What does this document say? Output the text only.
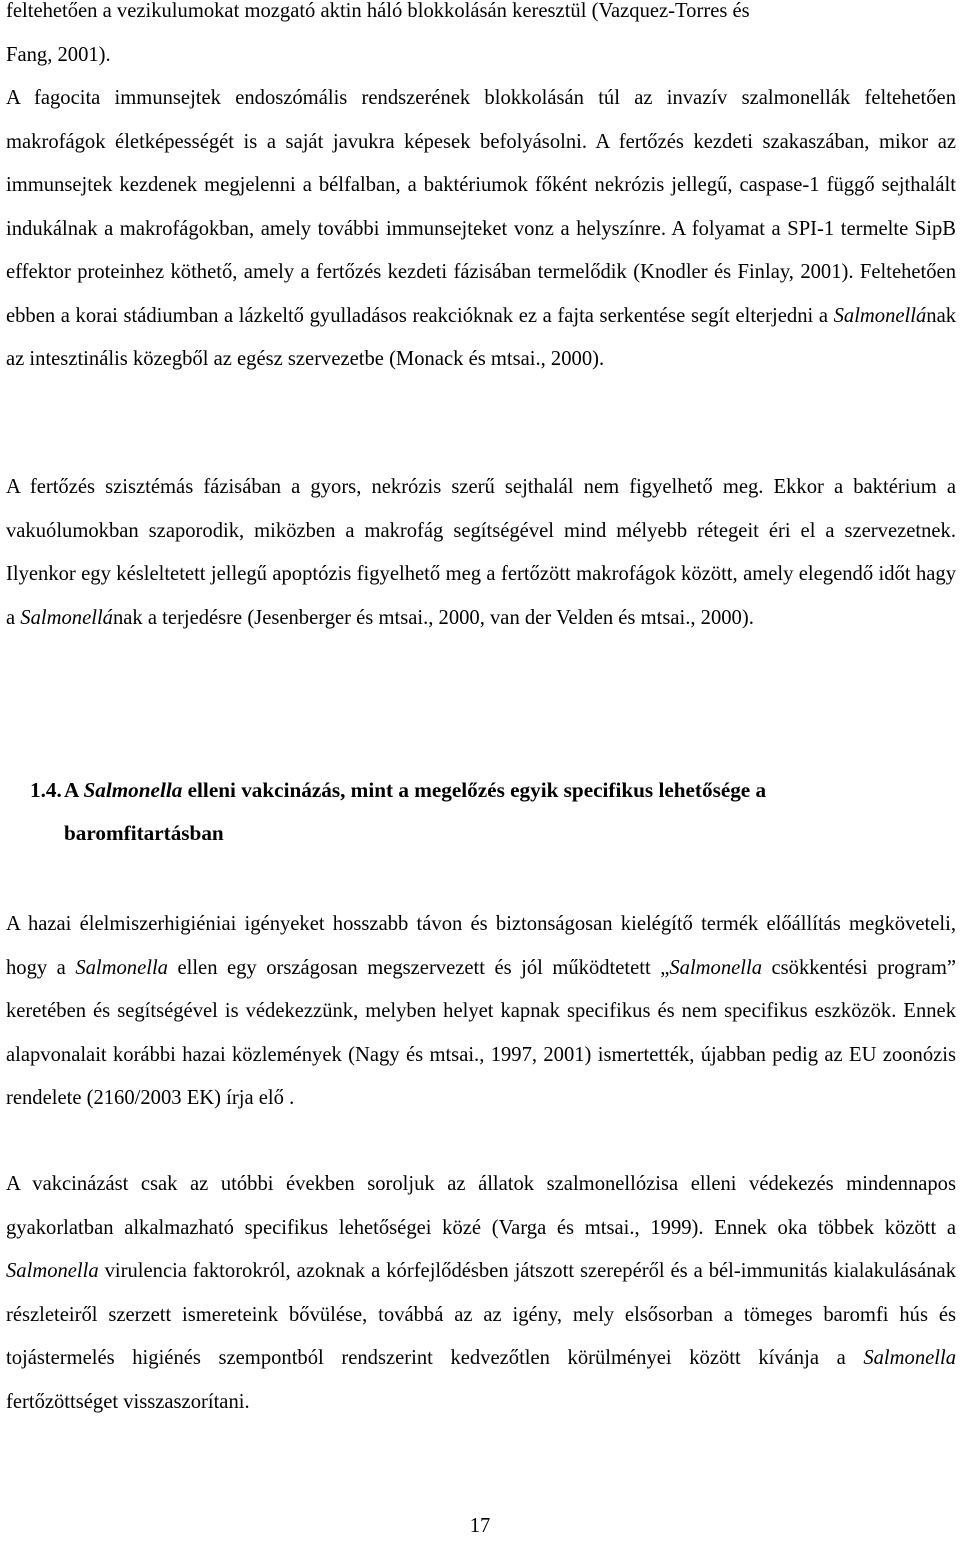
feltehetően a vezikulumokat mozgató aktin háló blokkolásán keresztül (Vazquez-Torres és
Fang, 2001).

A fagocita immunsejtek endoszómális rendszerének blokkolásán túl az invazív szalmonellák feltehetően makrofágok életképességét is a saját javukra képesek befolyásolni. A fertőzés kezdeti szakaszában, mikor az immunsejtek kezdenek megjelenni a bélfalban, a baktériumok főként nekrózis jellegű, caspase-1 függő sejthalált indukálnak a makrofágokban, amely további immunsejteket vonz a helyszínre. A folyamat a SPI-1 termelte SipB effektor proteinhez köthető, amely a fertőzés kezdeti fázisában termelődik (Knodler és Finlay, 2001). Feltehetően ebben a korai stádiumban a lázkeltő gyulladásos reakcióknak ez a fajta serkentése segít elterjedni a Salmonellának az intesztinális közegből az egész szervezetbe (Monack és mtsai., 2000).

A fertőzés szisztémás fázisában a gyors, nekrózis szerű sejthalál nem figyelhető meg. Ekkor a baktérium a vakuólumokban szaporodik, miközben a makrofág segítségével mind mélyebb rétegeit éri el a szervezetnek. Ilyenkor egy késleltetett jellegű apoptózis figyelhető meg a fertőzött makrofágok között, amely elegendő időt hagy a Salmonellának a terjedésre (Jesenberger és mtsai., 2000, van der Velden és mtsai., 2000).

1.4. A Salmonella elleni vakcinázás, mint a megelőzés egyik specifikus lehetősége a
baromfitartásban

A hazai élelmiszerhigiéniai igényeket hosszabb távon és biztonságosan kielégítő termék előállítás megköveteli, hogy a Salmonella ellen egy országosan megszervezett és jól működtetett „Salmonella csökkentési program” keretében és segítségével is védekezzünk, melyben helyet kapnak specifikus és nem specifikus eszközök. Ennek alapvonalait korábbi hazai közlemények (Nagy és mtsai., 1997, 2001) ismertették, újabban pedig az EU zoonózis rendelete (2160/2003 EK) írja elő .

A vakcinázást csak az utóbbi években soroljuk az állatok szalmonellózisa elleni védekezés mindennapos gyakorlatban alkalmazható specifikus lehetőségei közé (Varga és mtsai., 1999). Ennek oka többek között a Salmonella virulencia faktorokról, azoknak a kórfejlődésben játszott szerepéről és a bél-immunitás kialakulásának részleteiről szerzett ismereteink bővülése, továbbá az az igény, mely elsősorban a tömeges baromfi hús és tojástermelés higiénés szempontból rendszerint kedvezőtlen körülményei között kívánja a Salmonella fertőzöttséget visszaszorítani.

17
